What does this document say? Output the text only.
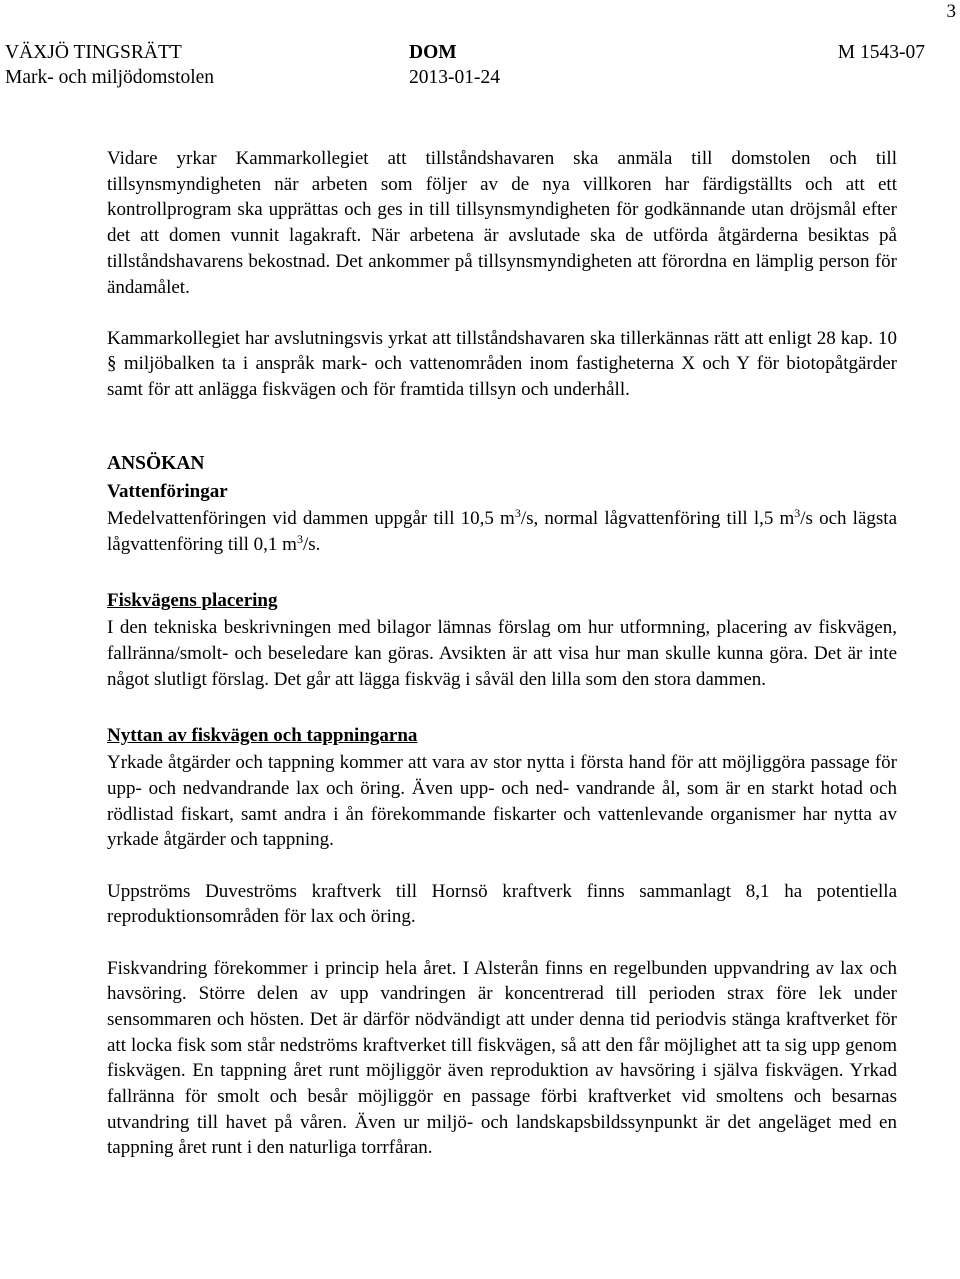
3
VÄXJÖ TINGSRÄTT
Mark- och miljödomstolen
DOM
2013-01-24
M 1543-07

Vidare yrkar Kammarkollegiet att tillståndshavaren ska anmäla till domstolen och till tillsynsmyndigheten när arbeten som följer av de nya villkoren har färdigställts och att ett kontrollprogram ska upprättas och ges in till tillsynsmyndigheten för godkännande utan dröjsmål efter det att domen vunnit lagakraft. När arbetena är avslutade ska de utförda åtgärderna besiktas på tillståndshavarens bekostnad. Det ankommer på tillsynsmyndigheten att förordna en lämplig person för ändamålet.

Kammarkollegiet har avslutningsvis yrkat att tillståndshavaren ska tillerkännas rätt att enligt 28 kap. 10 § miljöbalken ta i anspråk mark- och vattenområden inom fastigheterna X och Y för biotopåtgärder samt för att anlägga fiskvägen och för framtida tillsyn och underhåll.

ANSÖKAN

Vattenföringar

Medelvattenföringen vid dammen uppgår till 10,5 $m^3/s$, normal lågvattenföring till l,5 $m^3/s$ och lägsta lågvattenföring till 0,1 $m^3/s$.

Fiskvägens placering

I den tekniska beskrivningen med bilagor lämnas förslag om hur utformning, placering av fiskvägen, fallränna/smolt- och beseledare kan göras. Avsikten är att visa hur man skulle kunna göra. Det är inte något slutligt förslag. Det går att lägga fiskväg i såväl den lilla som den stora dammen.

Nyttan av fiskvägen och tappningarna

Yrkade åtgärder och tappning kommer att vara av stor nytta i första hand för att möjliggöra passage för upp- och nedvandrande lax och öring. Även upp- och ned- vandrande ål, som är en starkt hotad och rödlistad fiskart, samt andra i ån förekommande fiskarter och vattenlevande organismer har nytta av yrkade åtgärder och tappning.

Uppströms Duveströms kraftverk till Hornsö kraftverk finns sammanlagt 8,1 ha potentiella reproduktionsområden för lax och öring.

Fiskvandring förekommer i princip hela året. I Alsterån finns en regelbunden uppvandring av lax och havsöring. Större delen av upp vandringen är koncentrerad till perioden strax före lek under sensommaren och hösten. Det är därför nödvändigt att under denna tid periodvis stänga kraftverket för att locka fisk som står nedströms kraftverket till fiskvägen, så att den får möjlighet att ta sig upp genom fiskvägen. En tappning året runt möjliggör även reproduktion av havsöring i själva fiskvägen. Yrkad fallränna för smolt och besår möjliggör en passage förbi kraftverket vid smoltens och besarnas utvandring till havet på våren. Även ur miljö- och landskapsbildssynpunkt är det angeläget med en tappning året runt i den naturliga torrfåran.
